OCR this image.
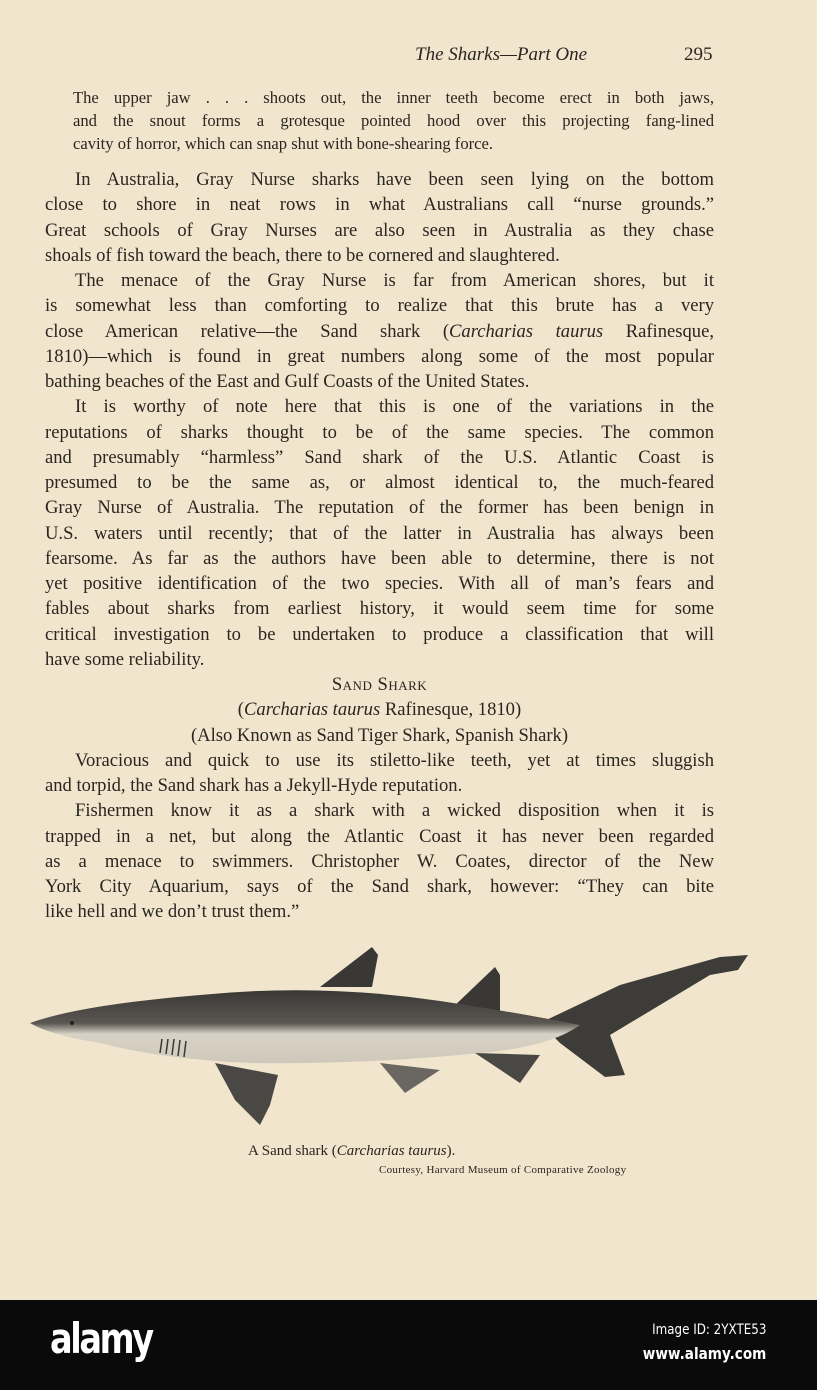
The Sharks—Part One	295
The upper jaw . . . shoots out, the inner teeth become erect in both jaws,
and the snout forms a grotesque pointed hood over this projecting fang-lined
cavity of horror, which can snap shut with bone-shearing force.
In Australia, Gray Nurse sharks have been seen lying on the bottom
close to shore in neat rows in what Australians call “nurse grounds.”
Great schools of Gray Nurses are also seen in Australia as they chase
shoals of fish toward the beach, there to be cornered and slaughtered.
The menace of the Gray Nurse is far from American shores, but it
is somewhat less than comforting to realize that this brute has a very
close American relative—the Sand shark (Carcharias taurus Rafinesque,
1810)—which is found in great numbers along some of the most popular
bathing beaches of the East and Gulf Coasts of the United States.
It is worthy of note here that this is one of the variations in the
reputations of sharks thought to be of the same species. The common
and presumably “harmless” Sand shark of the U.S. Atlantic Coast is
presumed to be the same as, or almost identical to, the much-feared
Gray Nurse of Australia. The reputation of the former has been benign in
U.S. waters until recently; that of the latter in Australia has always been
fearsome. As far as the authors have been able to determine, there is not
yet positive identification of the two species. With all of man’s fears and
fables about sharks from earliest history, it would seem time for some
critical investigation to be undertaken to produce a classification that will
have some reliability.
Sand Shark
(Carcharias taurus Rafinesque, 1810)
(Also Known as Sand Tiger Shark, Spanish Shark)
Voracious and quick to use its stiletto-like teeth, yet at times sluggish
and torpid, the Sand shark has a Jekyll-Hyde reputation.
Fishermen know it as a shark with a wicked disposition when it is
trapped in a net, but along the Atlantic Coast it has never been regarded
as a menace to swimmers. Christopher W. Coates, director of the New
York City Aquarium, says of the Sand shark, however: “They can bite
like hell and we don’t trust them.”
A Sand shark (Carcharias taurus).
Courtesy, Harvard Museum of Comparative Zoology
alamy	Image ID: 2YXTE53
www.alamy.com
